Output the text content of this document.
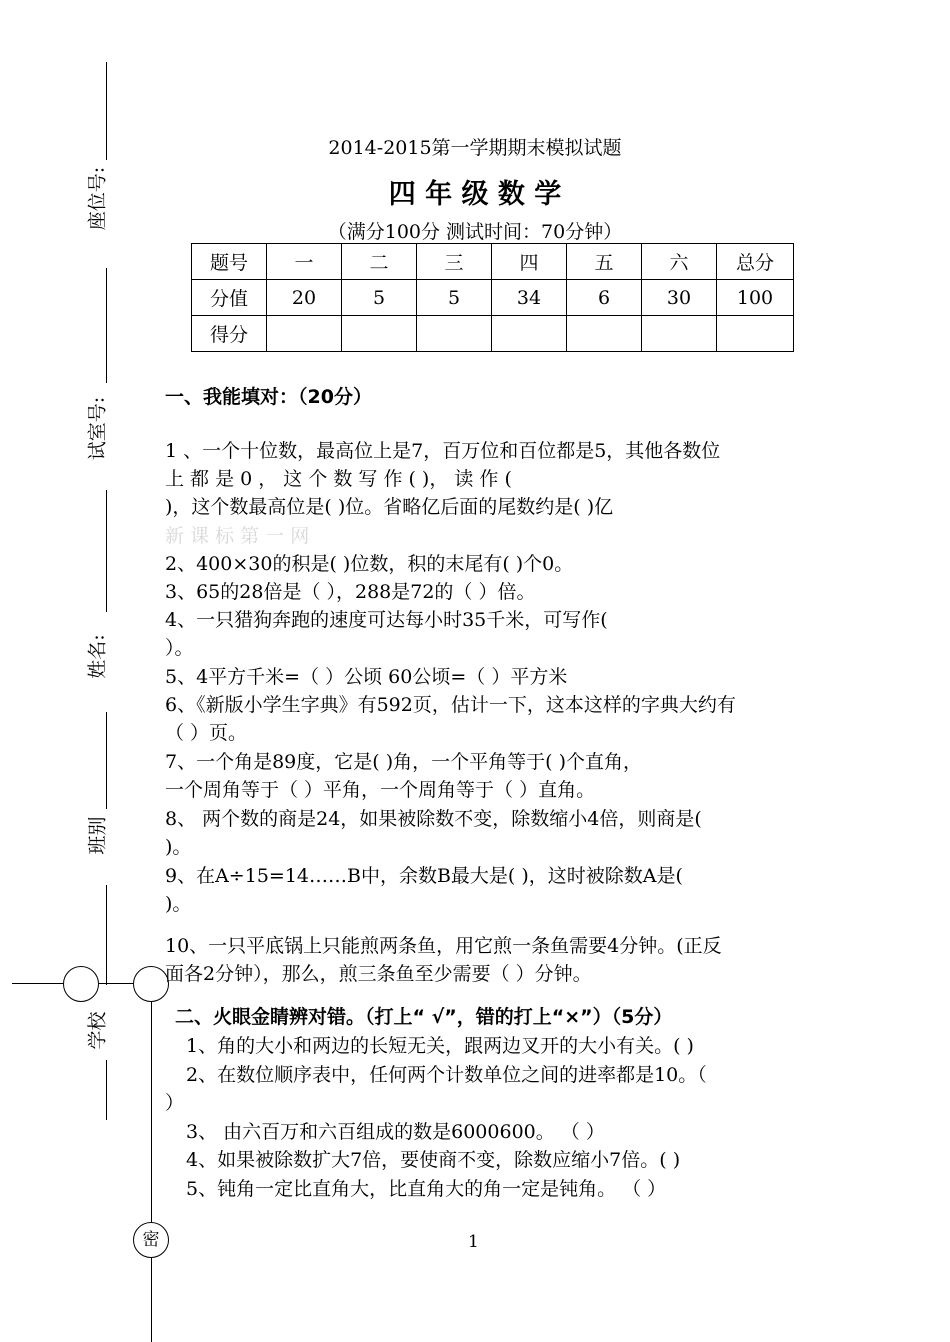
座位号:
试室号:
姓名:
班别
学校
密
2014-2015第一学期期末模拟试题
四 年 级 数 学
（满分100分 测试时间：70分钟）
题号	一	二	三	四	五	六	总分
分值	20	5	5	34	6	30	100
得分							
一、我能填对：（20分）
1 、一个十位数，最高位上是7，百万位和百位都是5，其他各数位
上 都 是 0 ， 这 个 数 写 作 ( )， 读 作 (
)，这个数最高位是( )位。省略亿后面的尾数约是( )亿
新 课 标 第 一 网
2、400×30的积是( )位数，积的末尾有( )个0。
3、65的28倍是（ ），288是72的（ ）倍。
4、一只猎狗奔跑的速度可达每小时35千米，可写作(
）。
5、4平方千米=（ ）公顷 60公顷=（ ）平方米
6、《新版小学生字典》有592页，估计一下，这本这样的字典大约有
（ ）页。
7、一个角是89度，它是( )角，一个平角等于( )个直角，
一个周角等于（ ）平角，一个周角等于（ ）直角。
8、 两个数的商是24，如果被除数不变，除数缩小4倍，则商是(
)。
9、在A÷15=14……B中，余数B最大是( )，这时被除数A是(
)。
10、一只平底锅上只能煎两条鱼，用它煎一条鱼需要4分钟。(正反
面各2分钟），那么，煎三条鱼至少需要（ ）分钟。
二、火眼金睛辨对错。（打上“ √”，错的打上“×”）（5分）
1、角的大小和两边的长短无关，跟两边叉开的大小有关。( )
2、在数位顺序表中，任何两个计数单位之间的进率都是10。（
）
3、 由六百万和六百组成的数是6000600。 （ ）
4、如果被除数扩大7倍，要使商不变，除数应缩小7倍。( )
5、钝角一定比直角大，比直角大的角一定是钝角。 （ ）
1
